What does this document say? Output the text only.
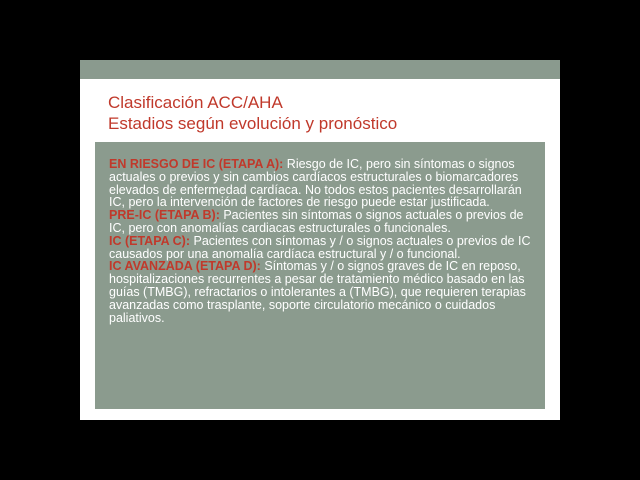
Clasificación ACC/AHA
Estadios según evolución y pronóstico

EN RIESGO DE IC (ETAPA A): Riesgo de IC, pero sin síntomas o signos actuales o previos y sin cambios cardíacos estructurales o biomarcadores elevados de enfermedad cardíaca. No todos estos pacientes desarrollarán IC, pero la intervención de factores de riesgo puede estar justificada.

PRE-IC (ETAPA B): Pacientes sin síntomas o signos actuales o previos de IC, pero con anomalías cardiacas estructurales o funcionales.

IC (ETAPA C): Pacientes con síntomas y / o signos actuales o previos de IC causados por una anomalía cardíaca estructural y / o funcional.

IC AVANZADA (ETAPA D): Síntomas y / o signos graves de IC en reposo, hospitalizaciones recurrentes a pesar de tratamiento médico basado en las guías (TMBG), refractarios o intolerantes a (TMBG), que requieren terapias avanzadas como trasplante, soporte circulatorio mecánico o cuidados paliativos.
